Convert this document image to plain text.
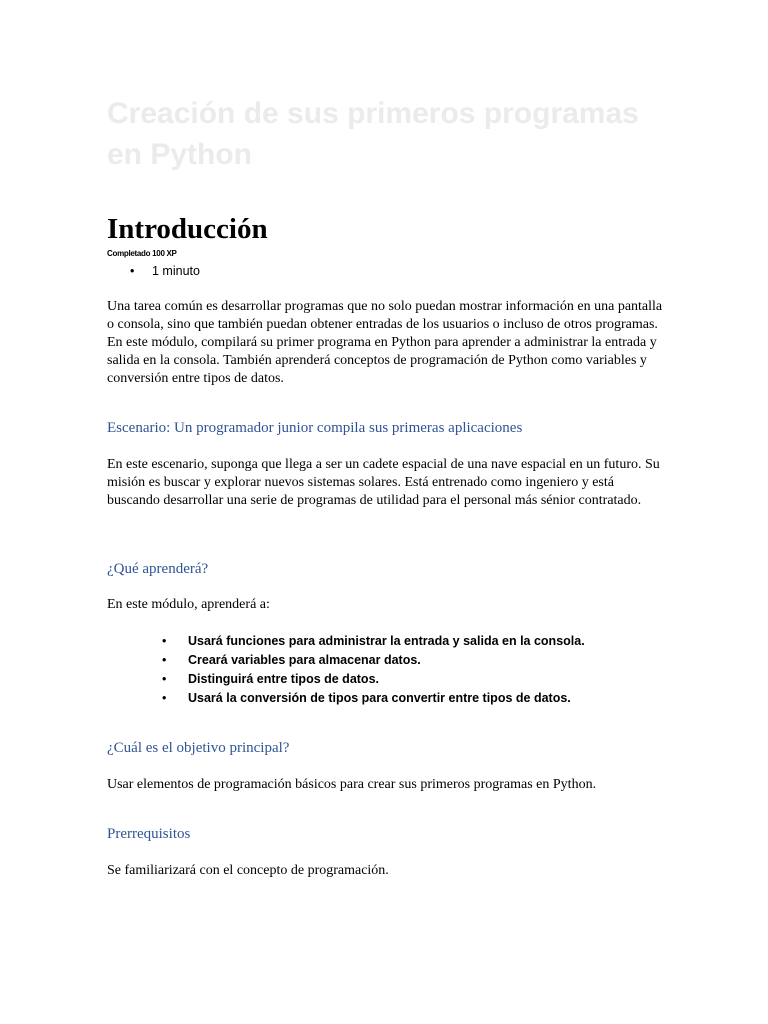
Creación de sus primeros programas en Python
Introducción
Completado 100 XP
• 1 minuto

Una tarea común es desarrollar programas que no solo puedan mostrar información en una pantalla o consola, sino que también puedan obtener entradas de los usuarios o incluso de otros programas. En este módulo, compilará su primer programa en Python para aprender a administrar la entrada y salida en la consola. También aprenderá conceptos de programación de Python como variables y conversión entre tipos de datos.

Escenario: Un programador junior compila sus primeras aplicaciones

En este escenario, suponga que llega a ser un cadete espacial de una nave espacial en un futuro. Su misión es buscar y explorar nuevos sistemas solares. Está entrenado como ingeniero y está buscando desarrollar una serie de programas de utilidad para el personal más sénior contratado.

¿Qué aprenderá?

En este módulo, aprenderá a:

• Usará funciones para administrar la entrada y salida en la consola.
• Creará variables para almacenar datos.
• Distinguirá entre tipos de datos.
• Usará la conversión de tipos para convertir entre tipos de datos.
¿Cuál es el objetivo principal?

Usar elementos de programación básicos para crear sus primeros programas en Python.

Prerrequisitos

Se familiarizará con el concepto de programación.
